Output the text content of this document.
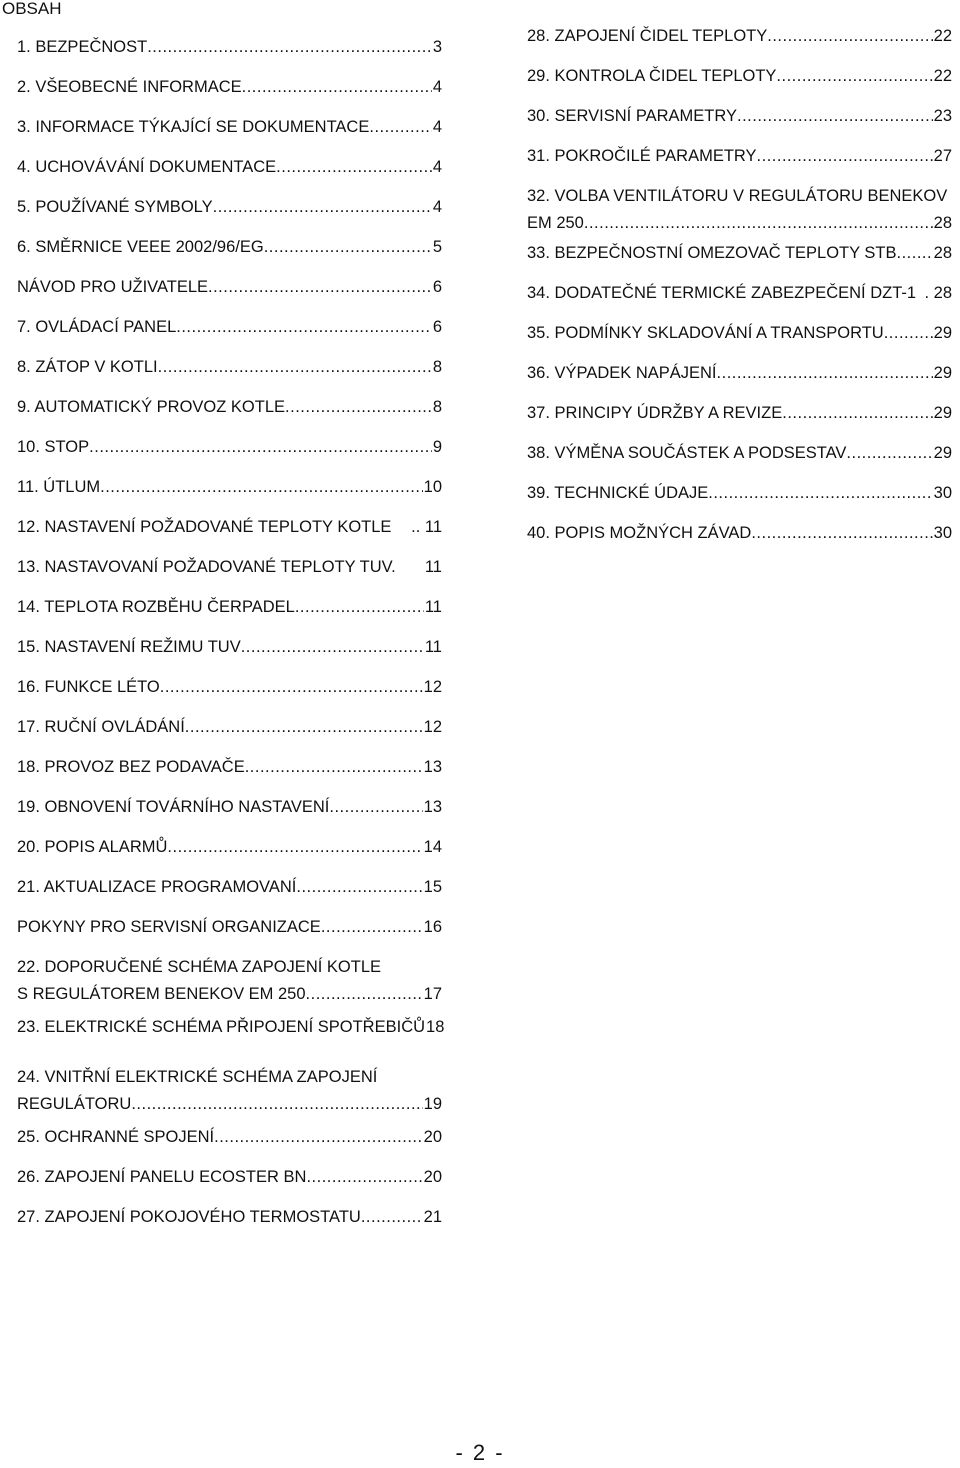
OBSAH
1. BEZPEČNOST .....	3
2. VŠEOBECNÉ INFORMACE .....	4
3. INFORMACE TÝKAJÍCÍ SE DOKUMENTACE .....	4
4. UCHOVÁVÁNÍ DOKUMENTACE .....	4
5. POUŽÍVANÉ SYMBOLY .....	4
6. SMĚRNICE VEEE 2002/96/EG .....	5
NÁVOD PRO UŽIVATELE .....	6
7. OVLÁDACÍ PANEL .....	6
8. ZÁTOP V KOTLI .....	8
9. AUTOMATICKÝ PROVOZ KOTLE .....	8
10. STOP .....	9
11. ÚTLUM .....	10
12. NASTAVENÍ POŽADOVANÉ TEPLOTY KOTLE .. 11
13. NASTAVOVANÍ POŽADOVANÉ TEPLOTY TUV. 11
14. TEPLOTA ROZBĚHU ČERPADEL .....	11
15. NASTAVENÍ REŽIMU TUV .....	11
16. FUNKCE LÉTO .....	12
17. RUČNÍ OVLÁDÁNÍ .....	12
18. PROVOZ BEZ PODAVAČE .....	13
19. OBNOVENÍ TOVÁRNÍHO NASTAVENÍ .....	13
20. POPIS ALARMŮ .....	14
21. AKTUALIZACE PROGRAMOVANÍ .....	15
POKYNY PRO SERVISNÍ ORGANIZACE .....	16
22. DOPORUČENÉ SCHÉMA ZAPOJENÍ KOTLE
S REGULÁTOREM BENEKOV EM 250 .....	17
23. ELEKTRICKÉ SCHÉMA PŘIPOJENÍ SPOTŘEBIČŮ 18
24. VNITŘNÍ ELEKTRICKÉ SCHÉMA ZAPOJENÍ
REGULÁTORU .....	19
25. OCHRANNÉ SPOJENÍ .....	20
26. ZAPOJENÍ PANELU ECOSTER BN .....	20
27. ZAPOJENÍ POKOJOVÉHO TERMOSTATU .....	21
28. ZAPOJENÍ ČIDEL TEPLOTY .....	22
29. KONTROLA ČIDEL TEPLOTY .....	22
30. SERVISNÍ PARAMETRY .....	23
31. POKROČILÉ PARAMETRY .....	27
32. VOLBA VENTILÁTORU V REGULÁTORU BENEKOV
EM 250 .....	28
33. BEZPEČNOSTNÍ OMEZOVAČ TEPLOTY STB ..... 28
34. DODATEČNÉ TERMICKÉ ZABEZPEČENÍ DZT-1 . 28
35. PODMÍNKY SKLADOVÁNÍ A TRANSPORTU .....	29
36. VÝPADEK NAPÁJENÍ .....	29
37. PRINCIPY ÚDRŽBY A REVIZE .....	29
38. VÝMĚNA SOUČÁSTEK A PODSESTAV .....	29
39. TECHNICKÉ ÚDAJE .....	30
40. POPIS MOŽNÝCH ZÁVAD .....	30
- 2 -
